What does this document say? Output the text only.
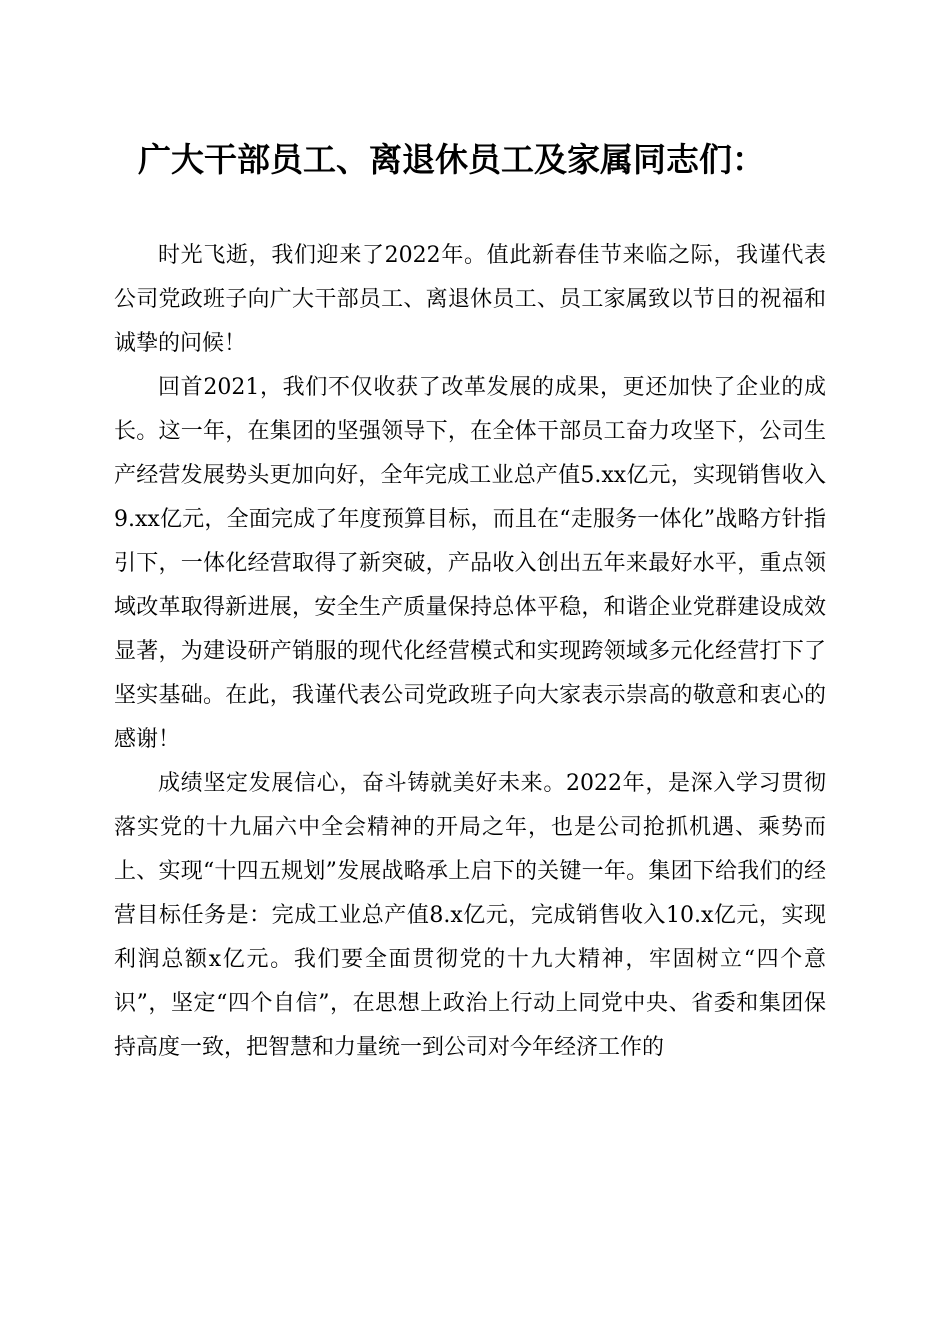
广大干部员工、离退休员工及家属同志们：

时光飞逝，我们迎来了2022年。值此新春佳节来临之际，我谨代表公司党政班子向广大干部员工、离退休员工、员工家属致以节日的祝福和诚挚的问候！

回首2021，我们不仅收获了改革发展的成果，更还加快了企业的成长。这一年，在集团的坚强领导下，在全体干部员工奋力攻坚下，公司生产经营发展势头更加向好，全年完成工业总产值5.xx亿元，实现销售收入9.xx亿元，全面完成了年度预算目标，而且在“走服务一体化”战略方针指引下，一体化经营取得了新突破，产品收入创出五年来最好水平，重点领域改革取得新进展，安全生产质量保持总体平稳，和谐企业党群建设成效显著，为建设研产销服的现代化经营模式和实现跨领域多元化经营打下了坚实基础。在此，我谨代表公司党政班子向大家表示崇高的敬意和衷心的感谢！

成绩坚定发展信心，奋斗铸就美好未来。2022年，是深入学习贯彻落实党的十九届六中全会精神的开局之年，也是公司抢抓机遇、乘势而上、实现“十四五规划”发展战略承上启下的关键一年。集团下给我们的经营目标任务是：完成工业总产值8.x亿元，完成销售收入10.x亿元，实现利润总额x亿元。我们要全面贯彻党的十九大精神，牢固树立“四个意识”，坚定“四个自信”，在思想上政治上行动上同党中央、省委和集团保持高度一致，把智慧和力量统一到公司对今年经济工作的
